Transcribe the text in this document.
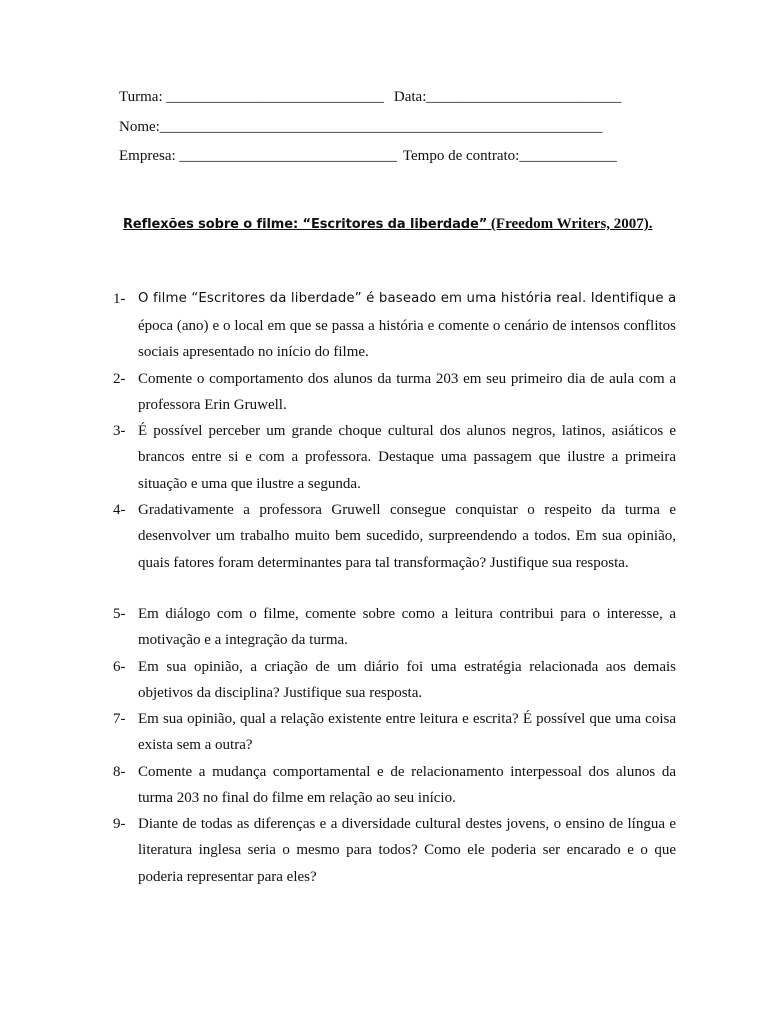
Turma: _____________________________ Data:__________________________
Nome:___________________________________________________________
Empresa: _____________________________ Tempo de contrato:_____________
Reflexões sobre o filme: “Escritores da liberdade” (Freedom Writers, 2007).
1- O filme “Escritores da liberdade” é baseado em uma história real. Identifique a
época (ano) e o local em que se passa a história e comente o cenário de intensos conflitos sociais apresentado no início do filme.
2- Comente o comportamento dos alunos da turma 203 em seu primeiro dia de aula com a professora Erin Gruwell.
3- É possível perceber um grande choque cultural dos alunos negros, latinos, asiáticos e brancos entre si e com a professora. Destaque uma passagem que ilustre a primeira situação e uma que ilustre a segunda.
4- Gradativamente a professora Gruwell consegue conquistar o respeito da turma e desenvolver um trabalho muito bem sucedido, surpreendendo a todos. Em sua opinião, quais fatores foram determinantes para tal transformação? Justifique sua resposta.
5- Em diálogo com o filme, comente sobre como a leitura contribui para o interesse, a motivação e a integração da turma.
6- Em sua opinião, a criação de um diário foi uma estratégia relacionada aos demais objetivos da disciplina? Justifique sua resposta.
7- Em sua opinião, qual a relação existente entre leitura e escrita? É possível que uma coisa exista sem a outra?
8- Comente a mudança comportamental e de relacionamento interpessoal dos alunos da turma 203 no final do filme em relação ao seu início.
9- Diante de todas as diferenças e a diversidade cultural destes jovens, o ensino de língua e literatura inglesa seria o mesmo para todos? Como ele poderia ser encarado e o que poderia representar para eles?
